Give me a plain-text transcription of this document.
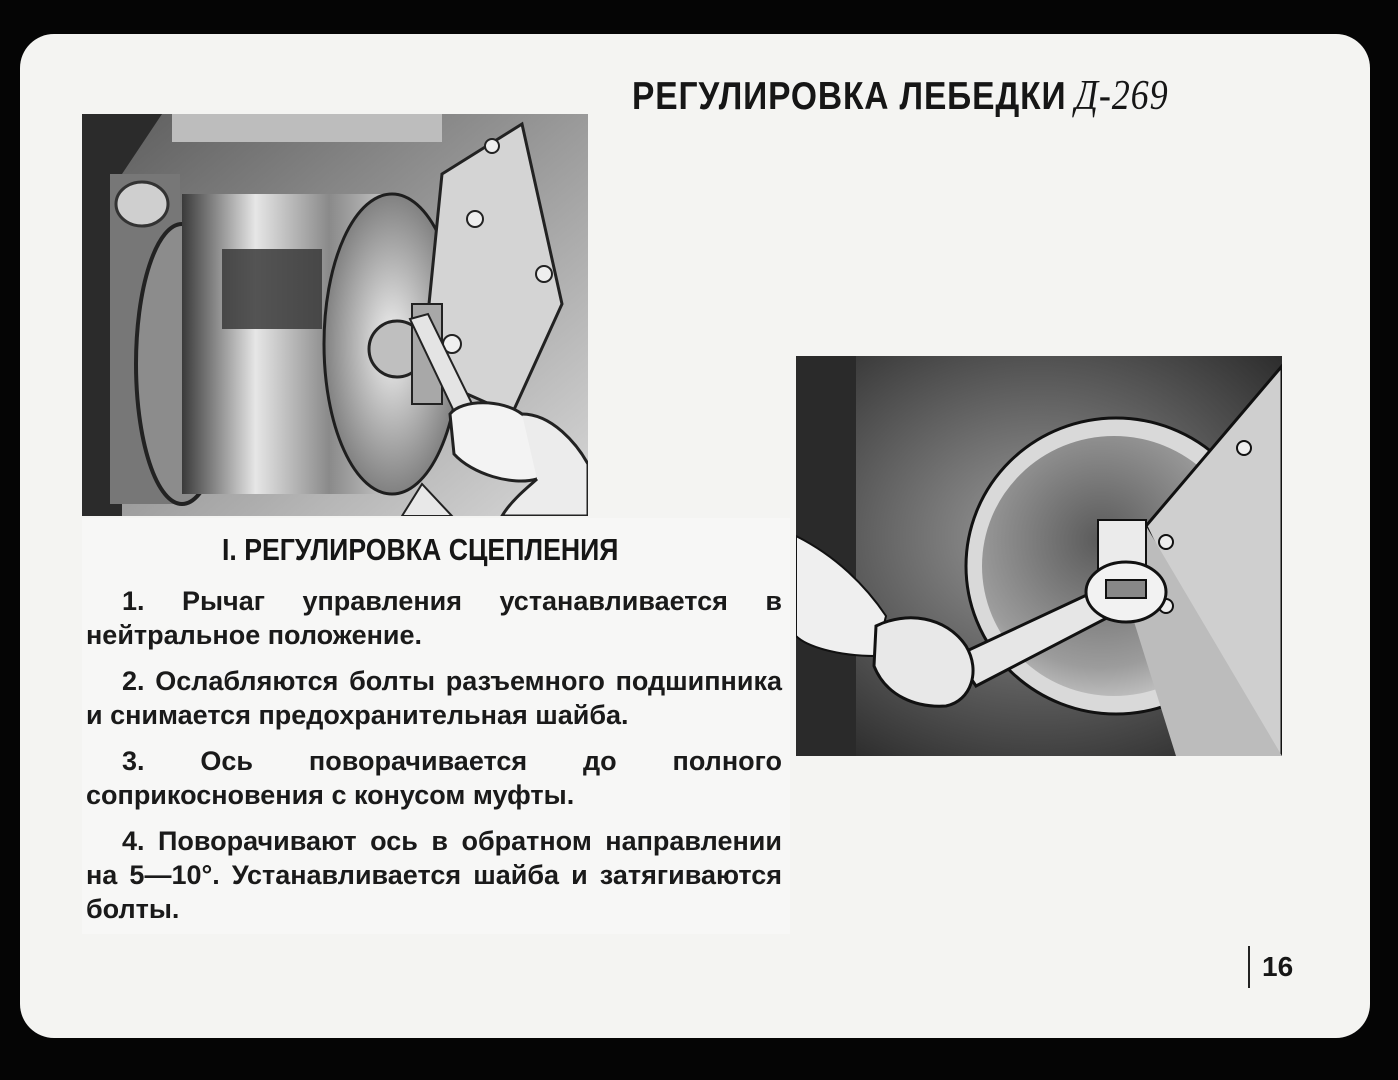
РЕГУЛИРОВКА ЛЕБЕДКИ Д-269
I. РЕГУЛИРОВКА СЦЕПЛЕНИЯ

1. Рычаг управления устанавливается в нейтральное положение.

2. Ослабляются болты разъемного подшипника и снимается предохранительная шайба.

3. Ось поворачивается до полного соприкосновения с конусом муфты.

4. Поворачивают ось в обратном направлении на 5—10°. Устанавливается шайба и затягиваются болты.

16
